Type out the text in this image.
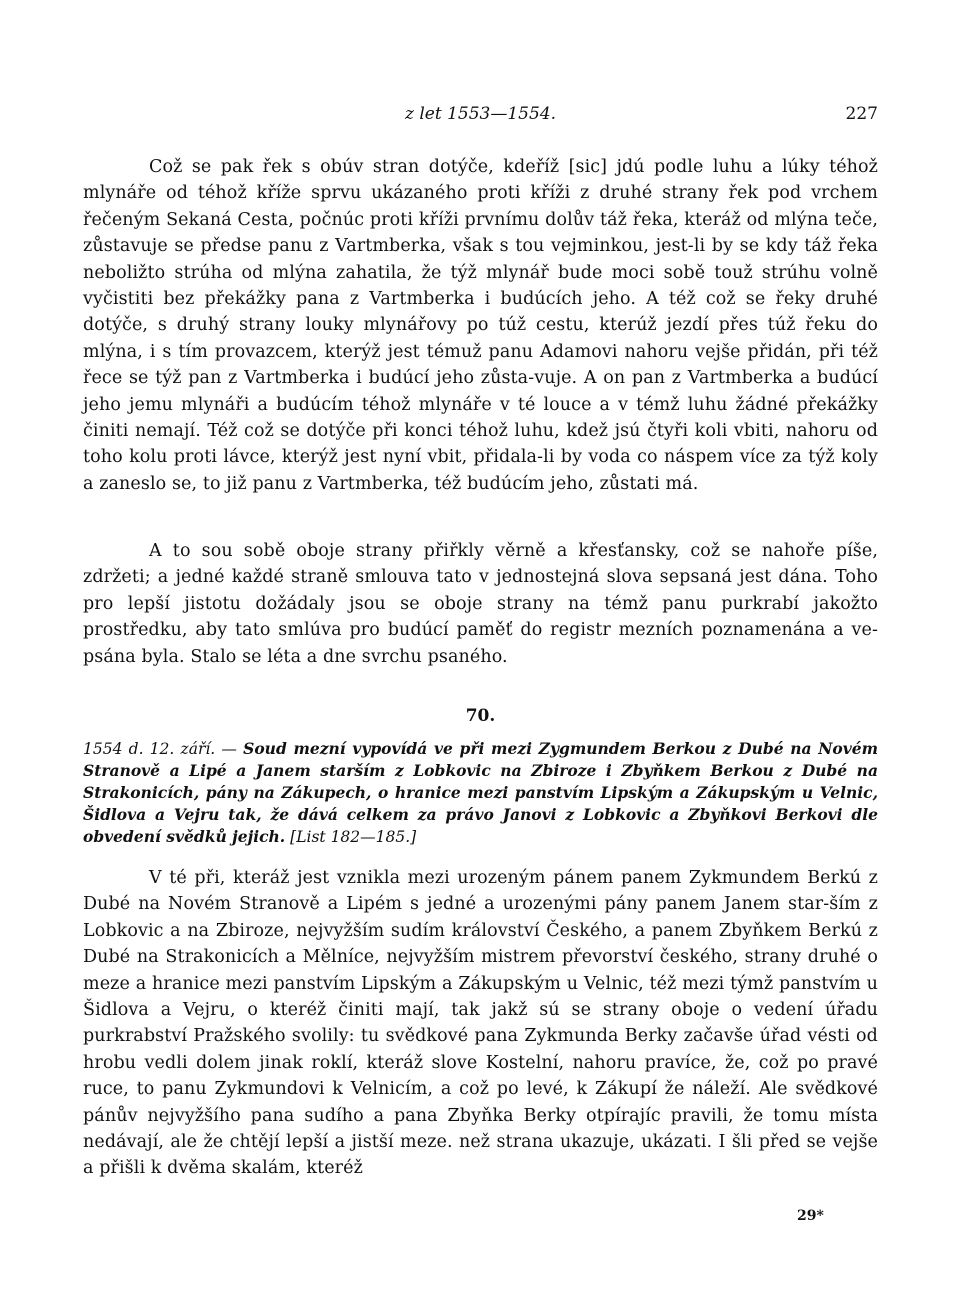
z let 1553—1554.	227

Což se pak řek s obúv stran dotýče, kdeříž [sic] jdú podle luhu a lúky téhož mlynáře od téhož kříže sprvu ukázaného proti kříži z druhé strany řek pod vrchem řečeným Sekaná Cesta, počnúc proti kříži prvnímu dolův táž řeka, kteráž od mlýna teče, zůstavuje se předse panu z Vartmberka, však s tou vejminkou, jest-li by se kdy táž řeka neboližto strúha od mlýna zahatila, že týž mlynář bude moci sobě touž strúhu volně vyčistiti bez překážky pana z Vartmberka i budúcích jeho. A též což se řeky druhé dotýče, s druhý strany louky mlynářovy po túž cestu, kterúž jezdí přes túž řeku do mlýna, i s tím provazcem, kterýž jest témuž panu Adamovi nahoru vejše přidán, při též řece se týž pan z Vartmberka i budúcí jeho zůsta-vuje. A on pan z Vartmberka a budúcí jeho jemu mlynáři a budúcím téhož mlynáře v té louce a v témž luhu žádné překážky činiti nemají. Též což se dotýče při konci téhož luhu, kdež jsú čtyři koli vbiti, nahoru od toho kolu proti lávce, kterýž jest nyní vbit, přidala-li by voda co náspem více za týž koly a zaneslo se, to již panu z Vartmberka, též budúcím jeho, zůstati má.

A to sou sobě oboje strany přiřkly věrně a křesťansky, což se nahoře píše, zdržeti; a jedné každé straně smlouva tato v jednostejná slova sepsaná jest dána. Toho pro lepší jistotu dožádaly jsou se oboje strany na témž panu purkrabí jakožto prostředku, aby tato smlúva pro budúcí paměť do registr mezních poznamenána a ve-psána byla. Stalo se léta a dne svrchu psaného.

70.

1554 d. 12. září. — Soud mezní vypovídá ve při mezi Zygmundem Berkou z Dubé na Novém Stranově a Lipé a Janem starším z Lobkovic na Zbiroze i Zbyňkem Berkou z Dubé na Strakonicích, pány na Zákupech, o hranice mezi panstvím Lipským a Zákupským u Velnic, Šidlova a Vejru tak, že dává celkem za právo Janovi z Lobkovic a Zbyňkovi Berkovi dle obvedení svědků jejich. [List 182—185.]

V té při, kteráž jest vznikla mezi urozeným pánem panem Zykmundem Berkú z Dubé na Novém Stranově a Lipém s jedné a urozenými pány panem Janem star-ším z Lobkovic a na Zbiroze, nejvyžším sudím království Českého, a panem Zbyňkem Berkú z Dubé na Strakonicích a Mělníce, nejvyžším mistrem převorství českého, strany druhé o meze a hranice mezi panstvím Lipským a Zákupským u Velnic, též mezi týmž panstvím u Šidlova a Vejru, o kteréž činiti mají, tak jakž sú se strany oboje o vedení úřadu purkrabství Pražského svolily: tu svědkové pana Zykmunda Berky začavše úřad vésti od hrobu vedli dolem jinak roklí, kteráž slove Kostelní, nahoru pravíce, že, což po pravé ruce, to panu Zykmundovi k Velnicím, a což po levé, k Zákupí že náleží. Ale svědkové pánův nejvyžšího pana sudího a pana Zbyňka Berky otpírajíc pravili, že tomu místa nedávají, ale že chtějí lepší a jistší meze. než strana ukazuje, ukázati. I šli před se vejše a přišli k dvěma skalám, kteréž

29*
